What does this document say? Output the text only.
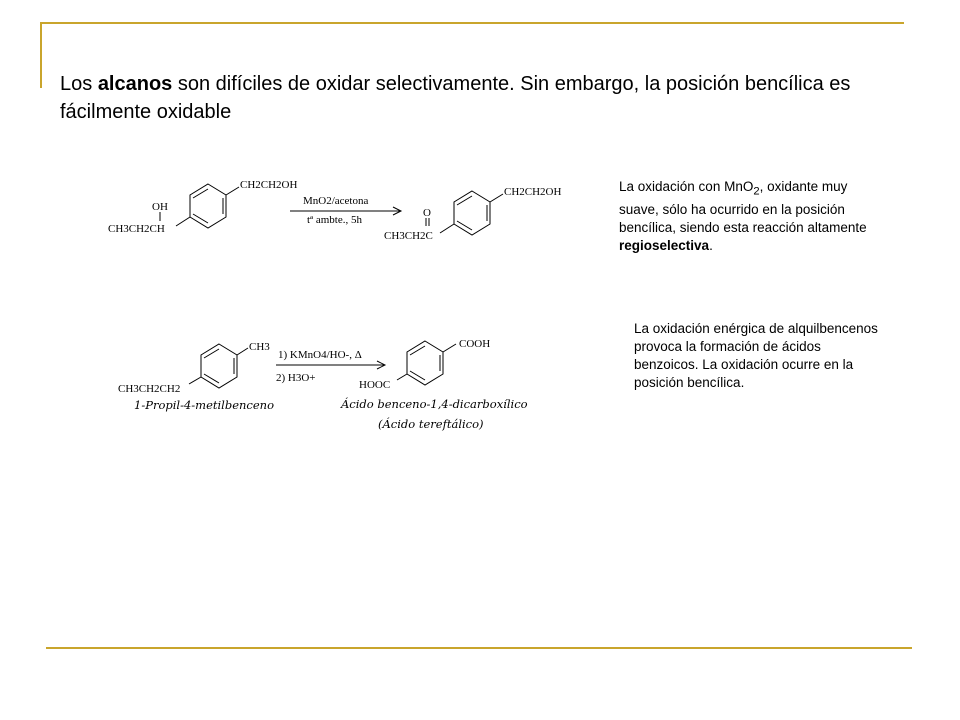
Los alcanos son difíciles de oxidar selectivamente. Sin embargo, la posición bencílica es fácilmente oxidable
CH2CH2OH
OH
CH3CH2CH
MnO2/acetona
tª ambte., 5h
CH2CH2OH
O
CH3CH2C
CH3
CH3CH2CH2
1) KMnO4/HO-, Δ
2) H3O+
COOH
HOOC
1-Propil-4-metilbenceno	Ácido benceno-1,4-dicarboxílico
(Ácido tereftálico)
La oxidación con MnO$_2$, oxidante muy suave, sólo ha ocurrido en la posición bencílica, siendo esta reacción altamente regioselectiva.
La oxidación enérgica de alquilbencenos provoca la formación de ácidos benzoicos. La oxidación ocurre en la posición bencílica.
